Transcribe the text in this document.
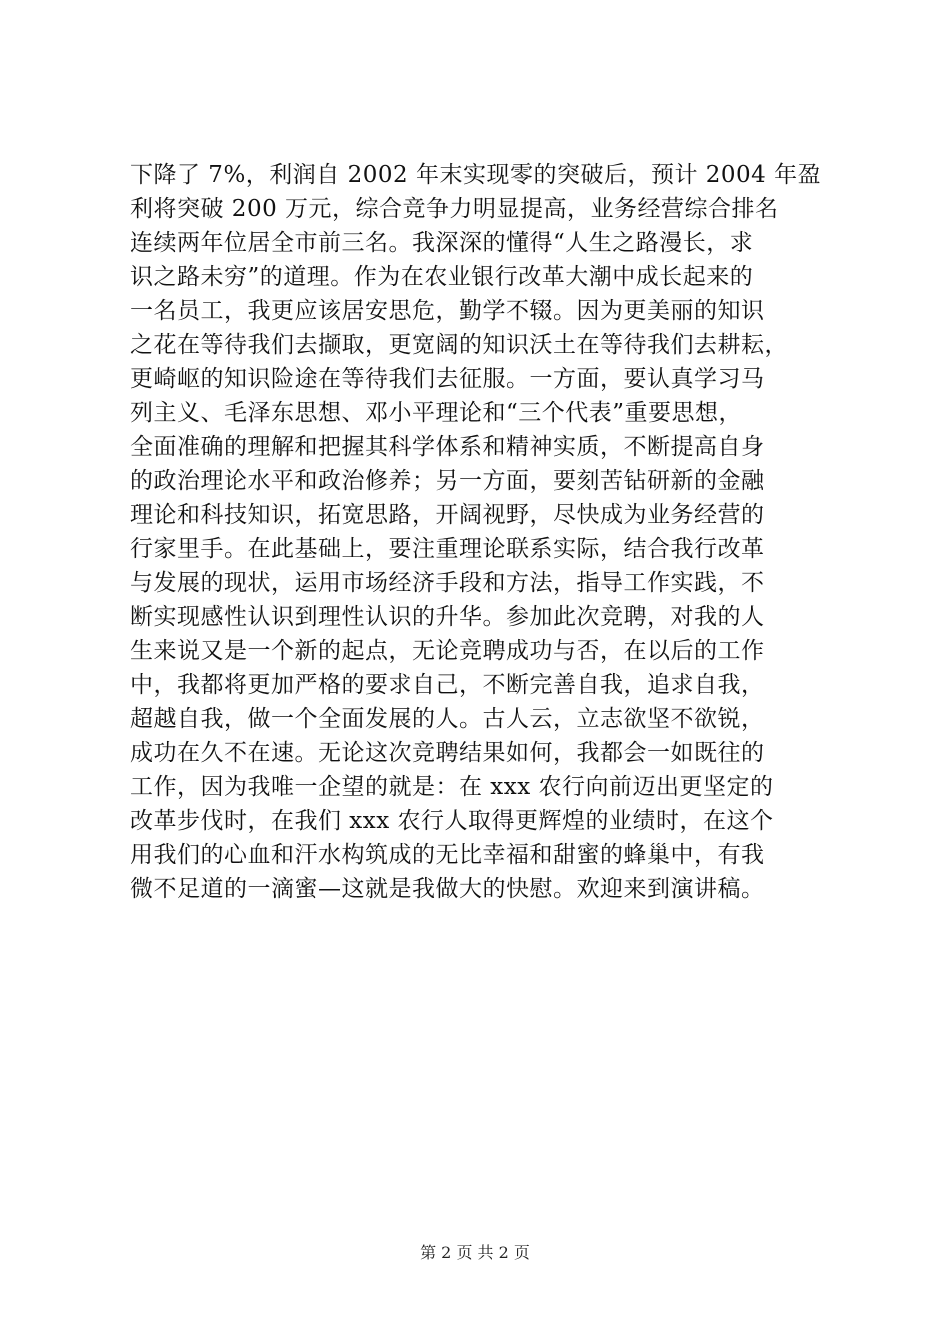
下降了 7%，利润自 2002 年末实现零的突破后，预计 2004 年盈
利将突破 200 万元，综合竞争力明显提高，业务经营综合排名
连续两年位居全市前三名。我深深的懂得“人生之路漫长，求
识之路未穷”的道理。作为在农业银行改革大潮中成长起来的
一名员工，我更应该居安思危，勤学不辍。因为更美丽的知识
之花在等待我们去撷取，更宽阔的知识沃土在等待我们去耕耘，
更崎岖的知识险途在等待我们去征服。一方面，要认真学习马
列主义、毛泽东思想、邓小平理论和“三个代表”重要思想，
全面准确的理解和把握其科学体系和精神实质，不断提高自身
的政治理论水平和政治修养；另一方面，要刻苦钻研新的金融
理论和科技知识，拓宽思路，开阔视野，尽快成为业务经营的
行家里手。在此基础上，要注重理论联系实际，结合我行改革
与发展的现状，运用市场经济手段和方法，指导工作实践，不
断实现感性认识到理性认识的升华。参加此次竞聘，对我的人
生来说又是一个新的起点，无论竞聘成功与否，在以后的工作
中，我都将更加严格的要求自己，不断完善自我，追求自我，
超越自我，做一个全面发展的人。古人云，立志欲坚不欲锐，
成功在久不在速。无论这次竞聘结果如何，我都会一如既往的
工作，因为我唯一企望的就是：在 xxx 农行向前迈出更坚定的
改革步伐时，在我们 xxx 农行人取得更辉煌的业绩时，在这个
用我们的心血和汗水构筑成的无比幸福和甜蜜的蜂巢中，有我
微不足道的一滴蜜—这就是我做大的快慰。欢迎来到演讲稿。
第 2 页 共 2 页
